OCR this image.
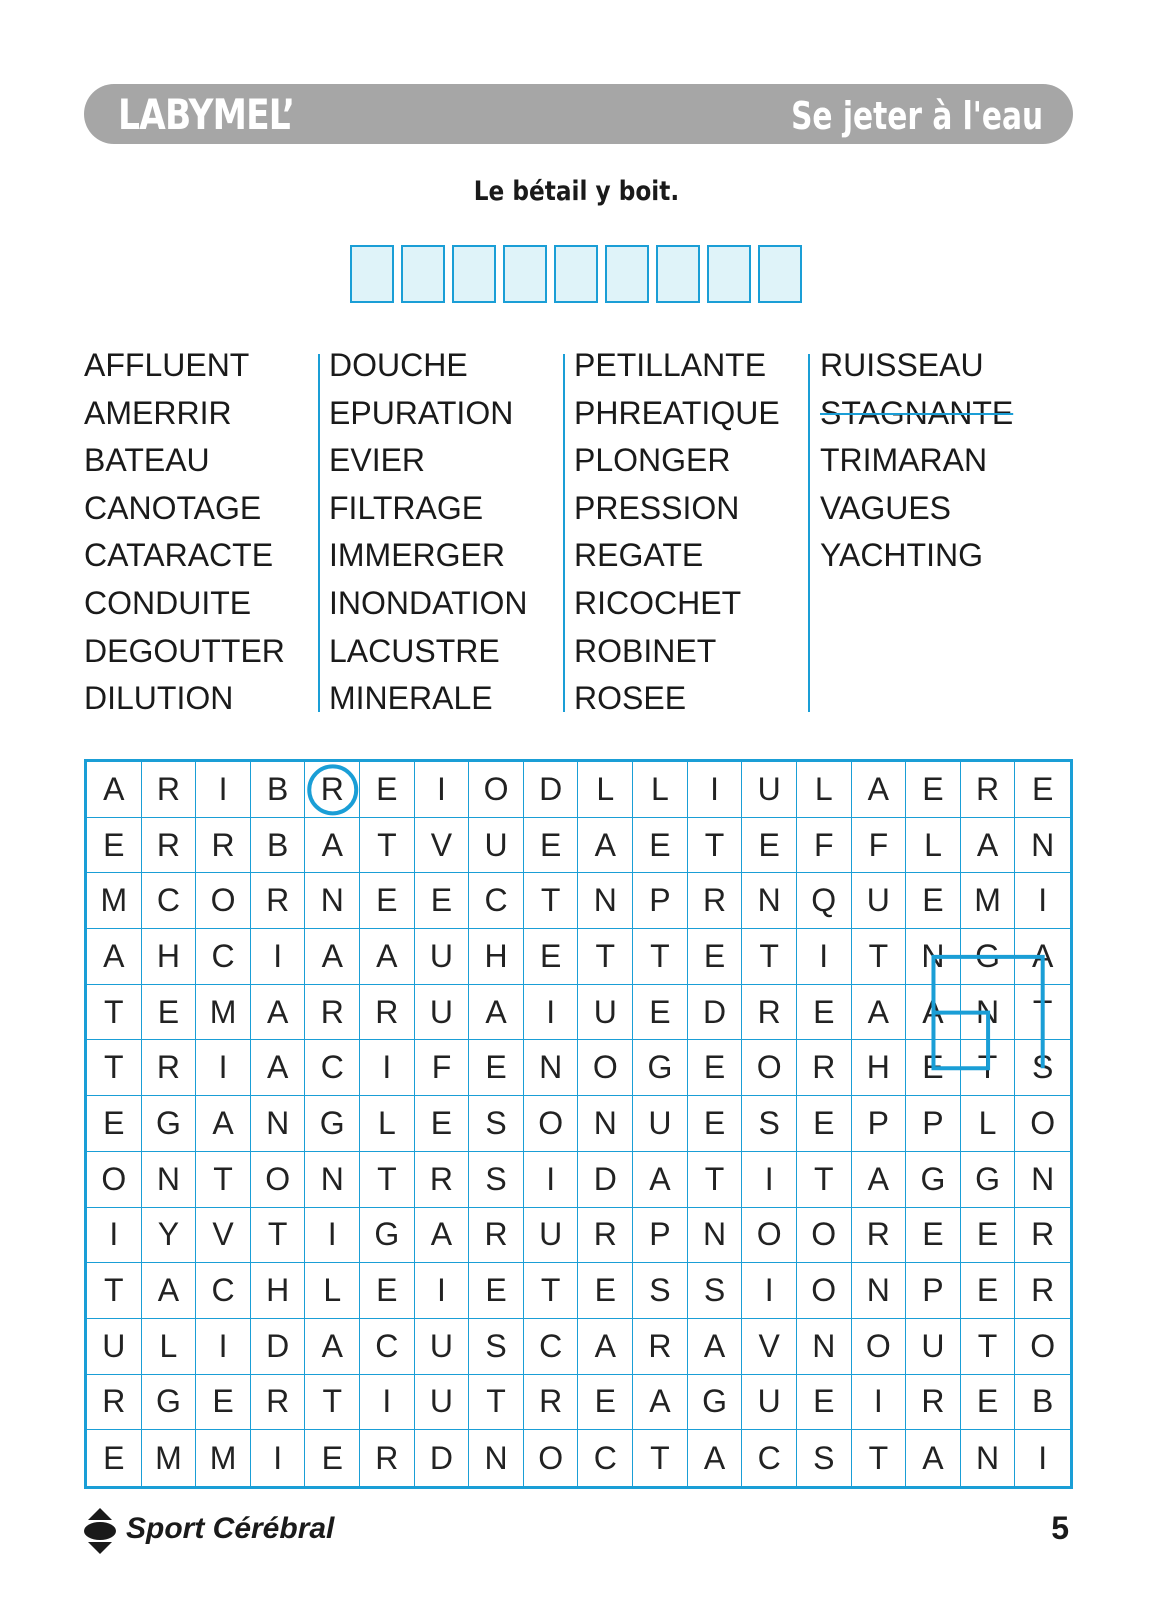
LABYMEL’	Se jeter à l'eau
Le bétail y boit.
AFFLUENT
AMERRIR
BATEAU
CANOTAGE
CATARACTE
CONDUITE
DEGOUTTER
DILUTION
DOUCHE
EPURATION
EVIER
FILTRAGE
IMMERGER
INONDATION
LACUSTRE
MINERALE
PETILLANTE
PHREATIQUE
PLONGER
PRESSION
REGATE
RICOCHET
ROBINET
ROSEE
RUISSEAU
STAGNANTE
TRIMARAN
VAGUES
YACHTING
A	R	I	B	R	E	I	O D	L	L	I	U	L	A	E	R	E
E	R R	B	A	T	V	U	E	A	E	T	E	F	F	L	A	N
M C O R N	E	E	C	T	N	P	R N Q U	E M	I
A	H C	I	A	A	U H	E	T	T	E	T	I	T	N G A
T	E M A	R R U	A	I	U	E	D R	E	A	A	N	T
T	R	I	A	C	I	F	E	N O G E O R H	E	T	S
E G A	N G	L	E	S O N U	E	S	E	P	P	L	O
O N	T	O N	T	R	S	I	D	A	T	I	T	A G G N
I	Y	V	T	I	G A	R U R	P	N O O R	E	E	R
T	A	C H	L	E	I	E	T	E	S	S	I	O N	P	E	R
U	L	I	D	A	C U	S	C	A	R	A	V	N O U	T	O
R G E	R	T	I	U	T	R	E	A G U	E	I	R	E	B
E M M	I	E	R D N O C	T	A	C	S	T	A	N	I
Sport Cérébral	5
